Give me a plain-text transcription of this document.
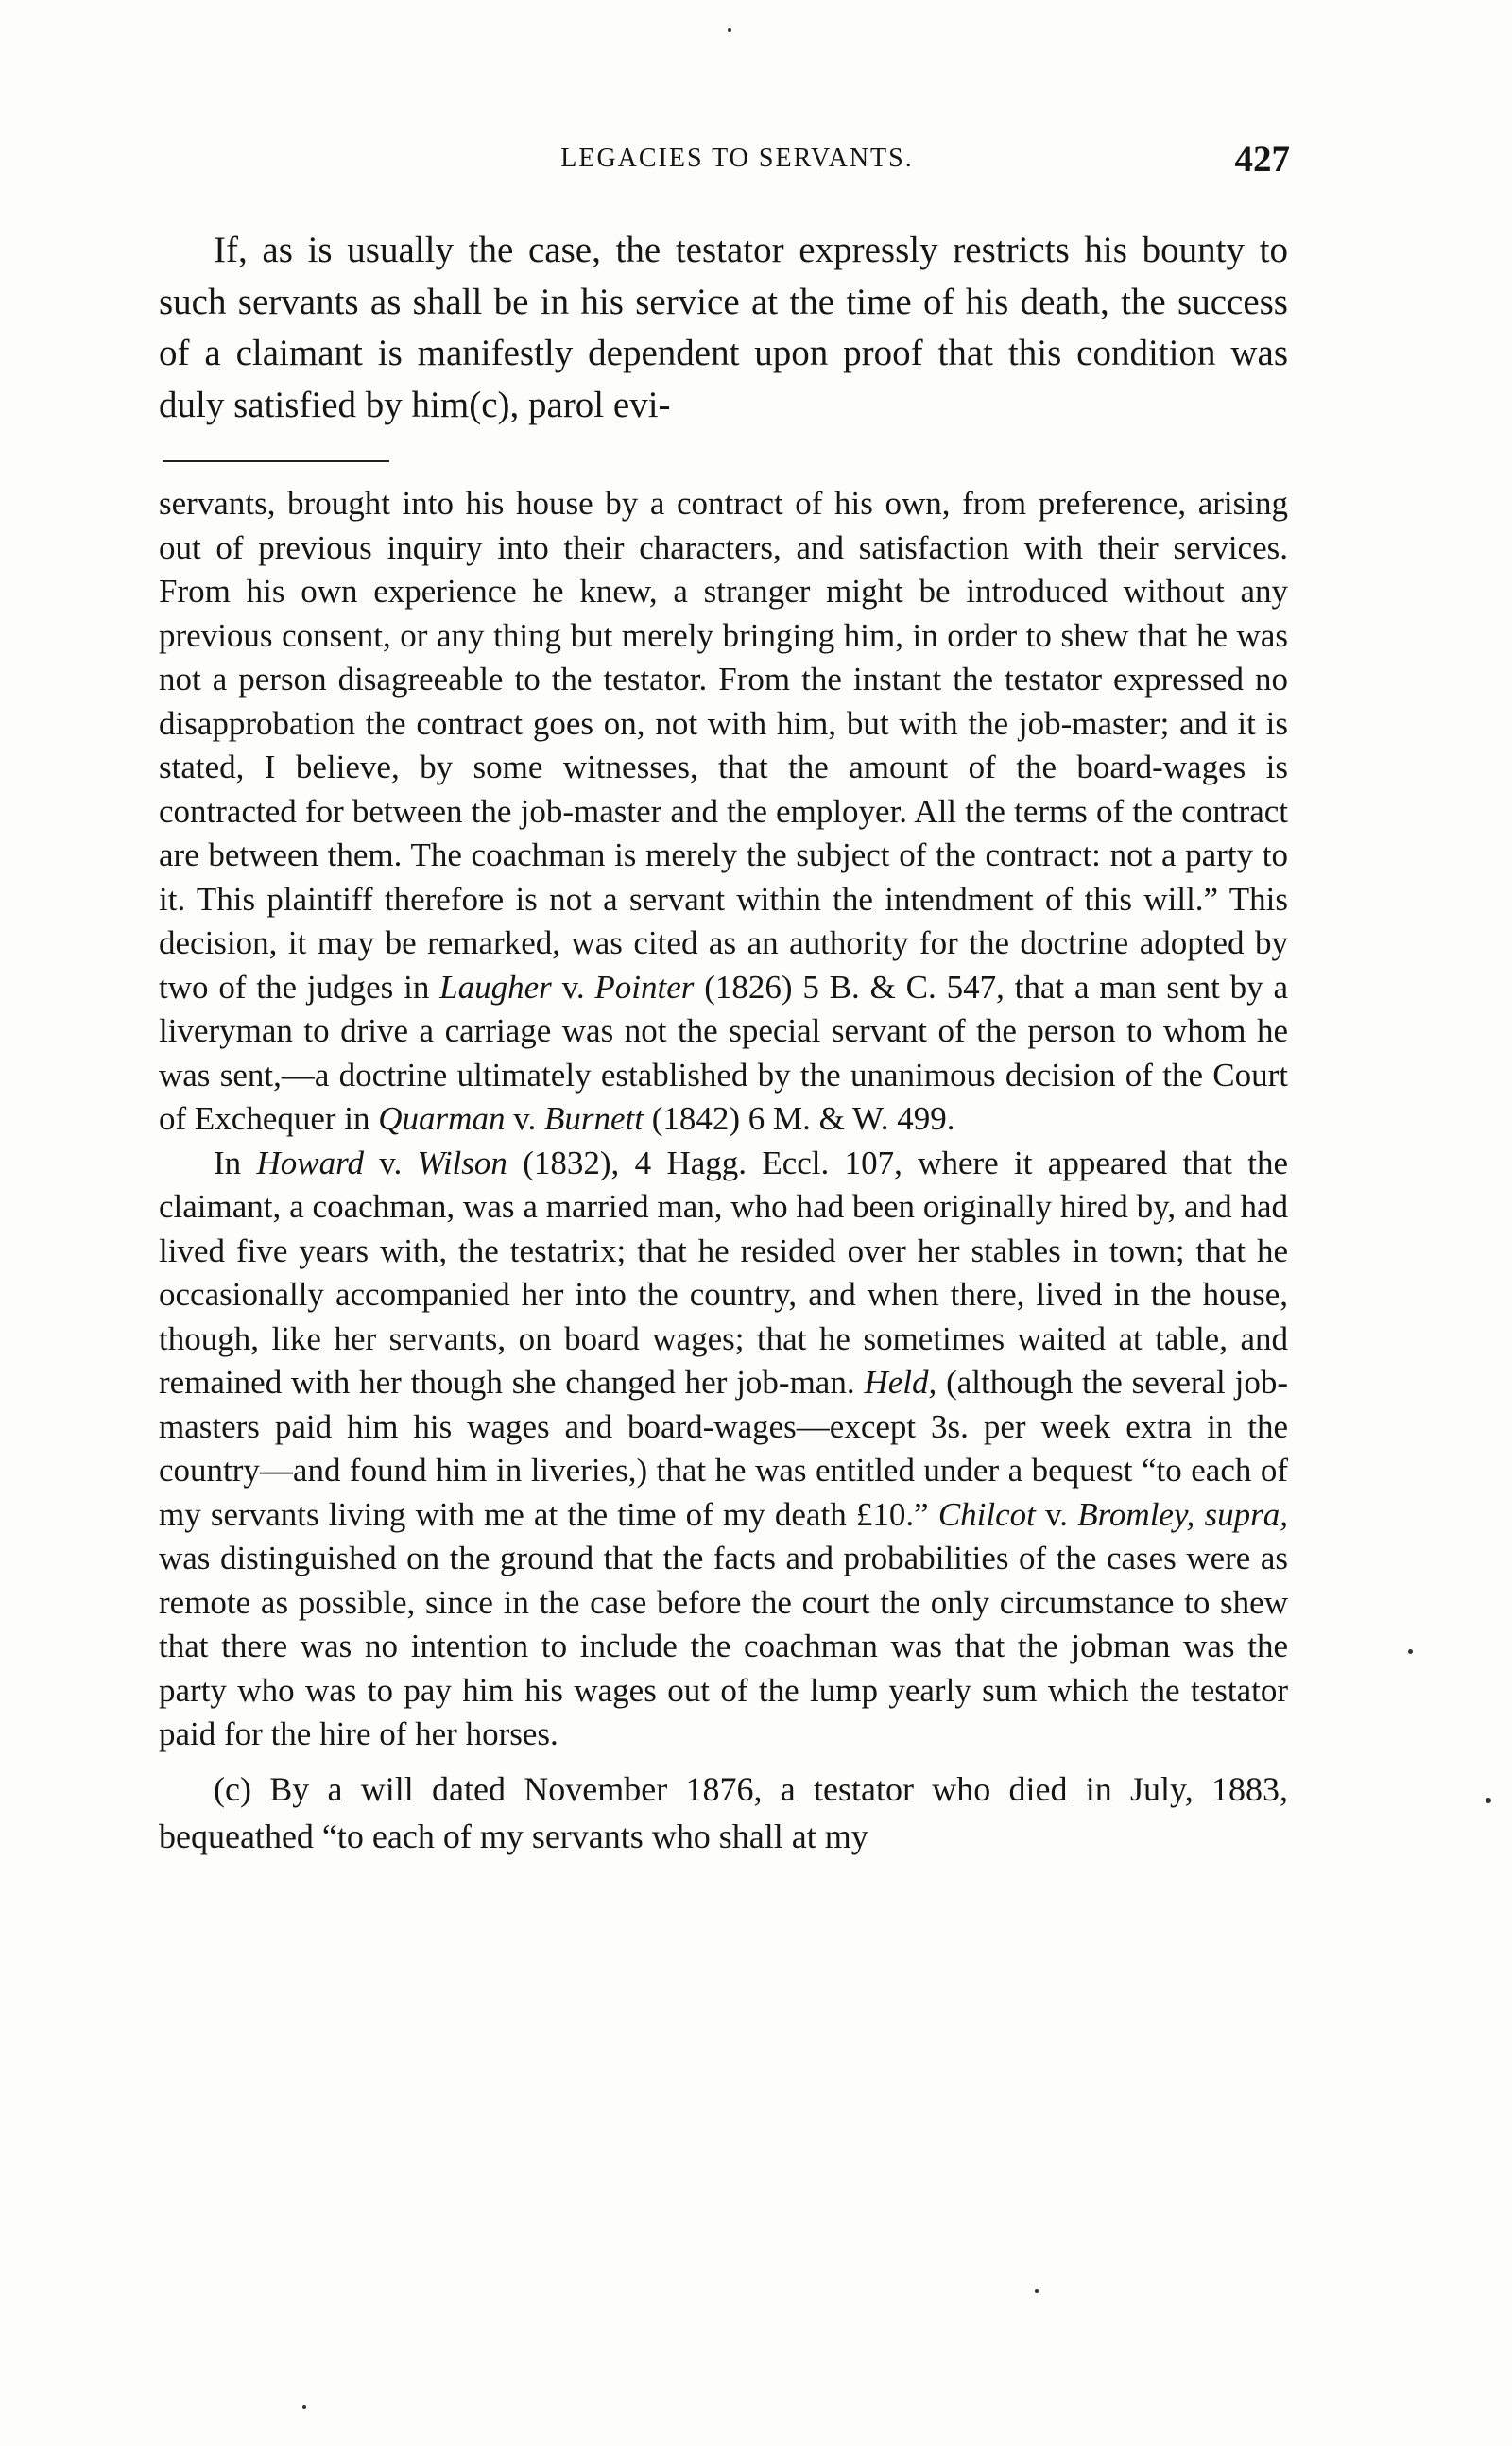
LEGACIES TO SERVANTS.	427

If, as is usually the case, the testator expressly restricts his bounty to such servants as shall be in his service at the time of his death, the success of a claimant is manifestly dependent upon proof that this condition was duly satisfied by him(c), parol evi-

servants, brought into his house by a contract of his own, from preference, arising out of previous inquiry into their characters, and satisfaction with their services. From his own experience he knew, a stranger might be introduced without any previous consent, or any thing but merely bringing him, in order to shew that he was not a person disagreeable to the testator. From the instant the testator expressed no disapprobation the contract goes on, not with him, but with the job-master; and it is stated, I believe, by some witnesses, that the amount of the board-wages is contracted for between the job-master and the employer. All the terms of the contract are between them. The coachman is merely the subject of the contract: not a party to it. This plaintiff therefore is not a servant within the intendment of this will.” This decision, it may be remarked, was cited as an authority for the doctrine adopted by two of the judges in Laugher v. Pointer (1826) 5 B. & C. 547, that a man sent by a liveryman to drive a carriage was not the special servant of the person to whom he was sent,—a doctrine ultimately established by the unanimous decision of the Court of Exchequer in Quarman v. Burnett (1842) 6 M. & W. 499.

In Howard v. Wilson (1832), 4 Hagg. Eccl. 107, where it appeared that the claimant, a coachman, was a married man, who had been originally hired by, and had lived five years with, the testatrix; that he resided over her stables in town; that he occasionally accompanied her into the country, and when there, lived in the house, though, like her servants, on board wages; that he sometimes waited at table, and remained with her though she changed her job-man. Held, (although the several job-masters paid him his wages and board-wages—except 3s. per week extra in the country—and found him in liveries,) that he was entitled under a bequest “to each of my servants living with me at the time of my death £10.” Chilcot v. Bromley, supra, was distinguished on the ground that the facts and probabilities of the cases were as remote as possible, since in the case before the court the only circumstance to shew that there was no intention to include the coachman was that the jobman was the party who was to pay him his wages out of the lump yearly sum which the testator paid for the hire of her horses.

(c) By a will dated November 1876, a testator who died in July, 1883, bequeathed “to each of my servants who shall at my
